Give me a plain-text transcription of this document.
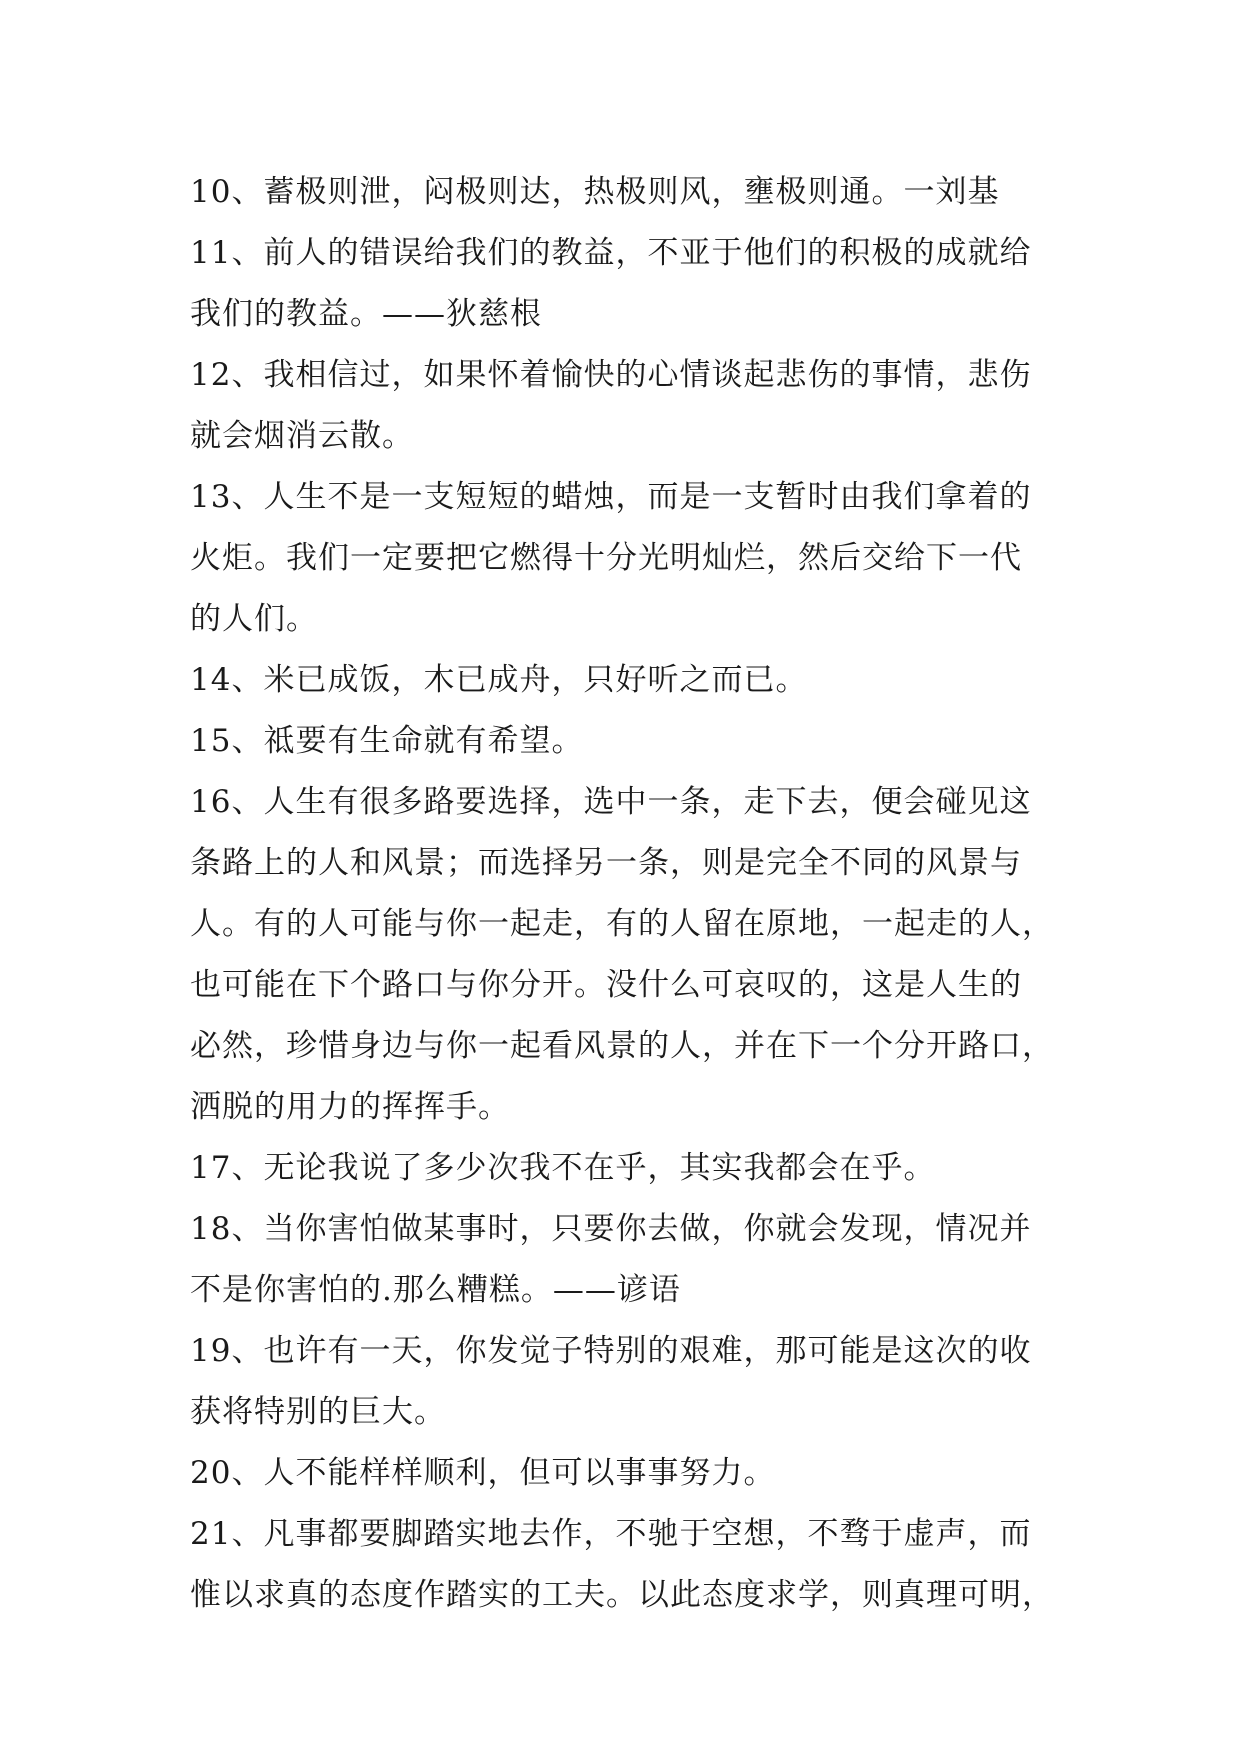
10、蓄极则泄，闷极则达，热极则风，壅极则通。一刘基
11、前人的错误给我们的教益，不亚于他们的积极的成就给
我们的教益。——狄慈根
12、我相信过，如果怀着愉快的心情谈起悲伤的事情，悲伤
就会烟消云散。
13、人生不是一支短短的蜡烛，而是一支暂时由我们拿着的
火炬。我们一定要把它燃得十分光明灿烂，然后交给下一代
的人们。
14、米已成饭，木已成舟，只好听之而已。
15、祗要有生命就有希望。
16、人生有很多路要选择，选中一条，走下去，便会碰见这
条路上的人和风景；而选择另一条，则是完全不同的风景与
人。有的人可能与你一起走，有的人留在原地，一起走的人，
也可能在下个路口与你分开。没什么可哀叹的，这是人生的
必然，珍惜身边与你一起看风景的人，并在下一个分开路口，
洒脱的用力的挥挥手。
17、无论我说了多少次我不在乎，其实我都会在乎。
18、当你害怕做某事时，只要你去做，你就会发现，情况并
不是你害怕的.那么糟糕。——谚语
19、也许有一天，你发觉子特别的艰难，那可能是这次的收
获将特别的巨大。
20、人不能样样顺利，但可以事事努力。
21、凡事都要脚踏实地去作，不驰于空想，不骛于虚声，而
惟以求真的态度作踏实的工夫。以此态度求学，则真理可明，
